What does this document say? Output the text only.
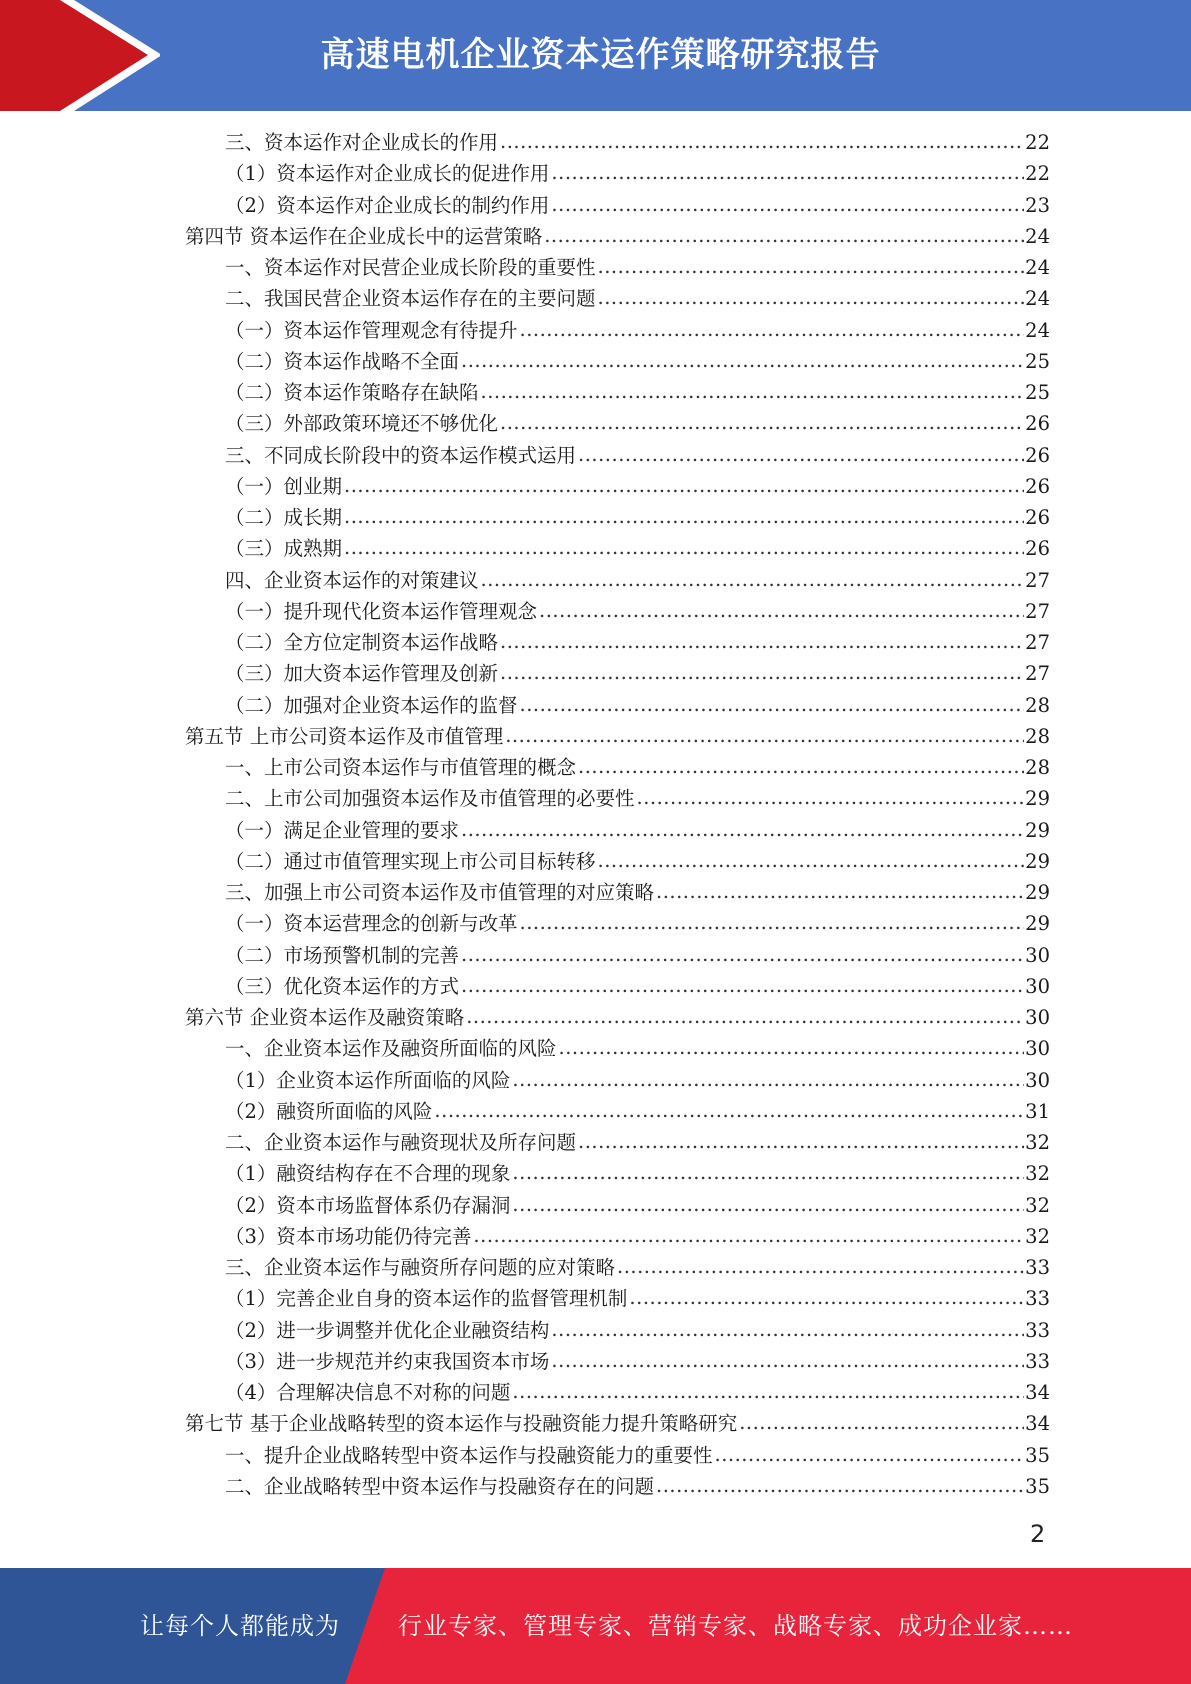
高速电机企业资本运作策略研究报告
三、资本运作对企业成长的作用 .....	22
（1）资本运作对企业成长的促进作用 .....	22
（2）资本运作对企业成长的制约作用 .....	23
第四节 资本运作在企业成长中的运营策略 .....	24
一、资本运作对民营企业成长阶段的重要性 .....	24
二、我国民营企业资本运作存在的主要问题 .....	24
（一）资本运作管理观念有待提升 .....	24
（二）资本运作战略不全面 .....	25
（二）资本运作策略存在缺陷 .....	25
（三）外部政策环境还不够优化 .....	26
三、不同成长阶段中的资本运作模式运用 .....	26
（一）创业期 .....	26
（二）成长期 .....	26
（三）成熟期 .....	26
四、企业资本运作的对策建议 .....	27
（一）提升现代化资本运作管理观念 .....	27
（二）全方位定制资本运作战略 .....	27
（三）加大资本运作管理及创新 .....	27
（二）加强对企业资本运作的监督 .....	28
第五节 上市公司资本运作及市值管理 .....	28
一、上市公司资本运作与市值管理的概念 .....	28
二、上市公司加强资本运作及市值管理的必要性 .....	29
（一）满足企业管理的要求 .....	29
（二）通过市值管理实现上市公司目标转移 .....	29
三、加强上市公司资本运作及市值管理的对应策略 .....	29
（一）资本运营理念的创新与改革 .....	29
（二）市场预警机制的完善 .....	30
（三）优化资本运作的方式 .....	30
第六节 企业资本运作及融资策略 .....	30
一、企业资本运作及融资所面临的风险 .....	30
（1）企业资本运作所面临的风险 .....	30
（2）融资所面临的风险 .....	31
二、企业资本运作与融资现状及所存问题 .....	32
（1）融资结构存在不合理的现象 .....	32
（2）资本市场监督体系仍存漏洞 .....	32
（3）资本市场功能仍待完善 .....	32
三、企业资本运作与融资所存问题的应对策略 .....	33
（1）完善企业自身的资本运作的监督管理机制 .....	33
（2）进一步调整并优化企业融资结构 .....	33
（3）进一步规范并约束我国资本市场 .....	33
（4）合理解决信息不对称的问题 .....	34
第七节 基于企业战略转型的资本运作与投融资能力提升策略研究 .....	34
一、提升企业战略转型中资本运作与投融资能力的重要性 .....	35
二、企业战略转型中资本运作与投融资存在的问题 .....	35
2
让每个人都能成为 行业专家、管理专家、营销专家、战略专家、成功企业家……
